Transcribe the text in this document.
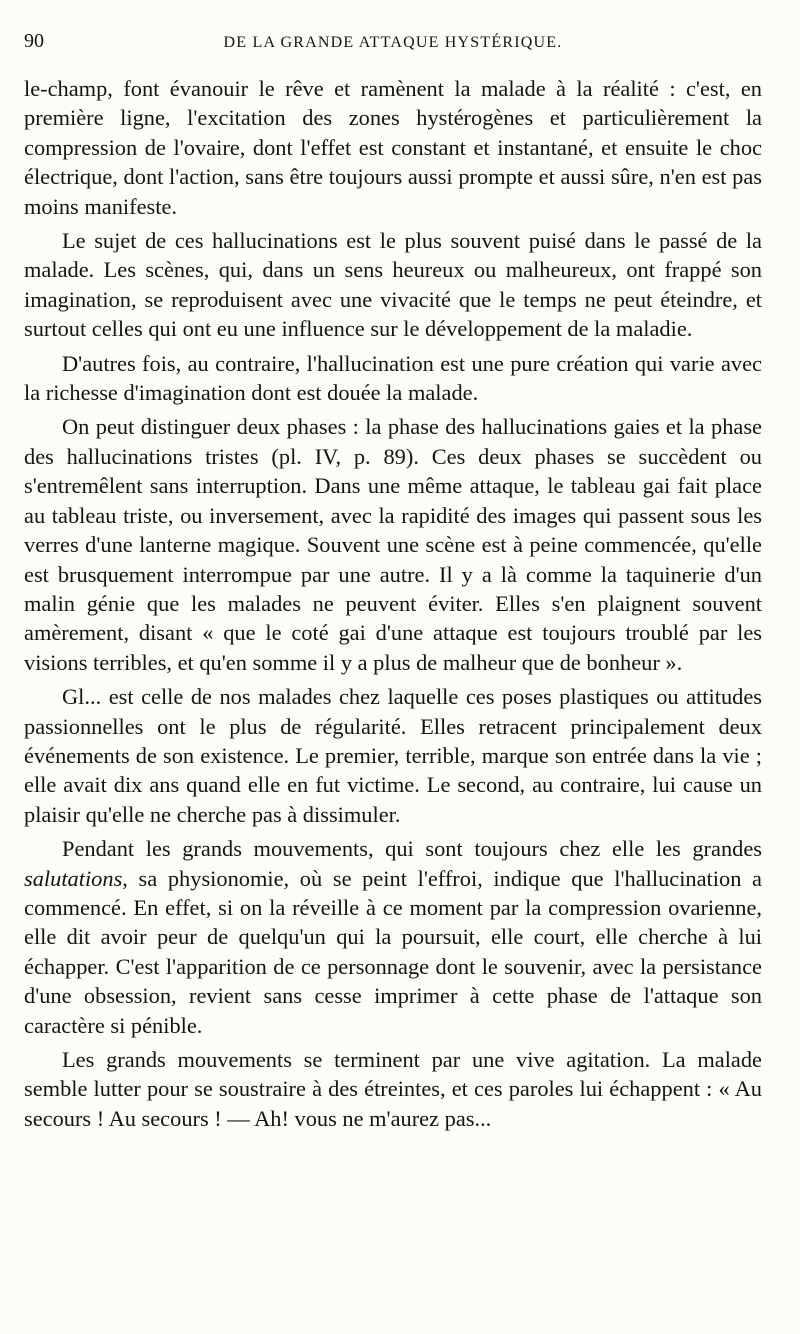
90	DE LA GRANDE ATTAQUE HYSTÉRIQUE.

le-champ, font évanouir le rêve et ramènent la malade à la réalité : c'est, en première ligne, l'excitation des zones hystérogènes et particulièrement la compression de l'ovaire, dont l'effet est constant et instantané, et ensuite le choc électrique, dont l'action, sans être toujours aussi prompte et aussi sûre, n'en est pas moins manifeste.

Le sujet de ces hallucinations est le plus souvent puisé dans le passé de la malade. Les scènes, qui, dans un sens heureux ou malheureux, ont frappé son imagination, se reproduisent avec une vivacité que le temps ne peut éteindre, et surtout celles qui ont eu une influence sur le développement de la maladie.

D'autres fois, au contraire, l'hallucination est une pure création qui varie avec la richesse d'imagination dont est douée la malade.

On peut distinguer deux phases : la phase des hallucinations gaies et la phase des hallucinations tristes (pl. IV, p. 89). Ces deux phases se succèdent ou s'entremêlent sans interruption. Dans une même attaque, le tableau gai fait place au tableau triste, ou inversement, avec la rapidité des images qui passent sous les verres d'une lanterne magique. Souvent une scène est à peine commencée, qu'elle est brusquement interrompue par une autre. Il y a là comme la taquinerie d'un malin génie que les malades ne peuvent éviter. Elles s'en plaignent souvent amèrement, disant « que le coté gai d'une attaque est toujours troublé par les visions terribles, et qu'en somme il y a plus de malheur que de bonheur ».

Gl... est celle de nos malades chez laquelle ces poses plastiques ou attitudes passionnelles ont le plus de régularité. Elles retracent principalement deux événements de son existence. Le premier, terrible, marque son entrée dans la vie ; elle avait dix ans quand elle en fut victime. Le second, au contraire, lui cause un plaisir qu'elle ne cherche pas à dissimuler.

Pendant les grands mouvements, qui sont toujours chez elle les grandes salutations, sa physionomie, où se peint l'effroi, indique que l'hallucination a commencé. En effet, si on la réveille à ce moment par la compression ovarienne, elle dit avoir peur de quelqu'un qui la poursuit, elle court, elle cherche à lui échapper. C'est l'apparition de ce personnage dont le souvenir, avec la persistance d'une obsession, revient sans cesse imprimer à cette phase de l'attaque son caractère si pénible.

Les grands mouvements se terminent par une vive agitation. La malade semble lutter pour se soustraire à des étreintes, et ces paroles lui échappent : « Au secours ! Au secours ! — Ah! vous ne m'aurez pas...
